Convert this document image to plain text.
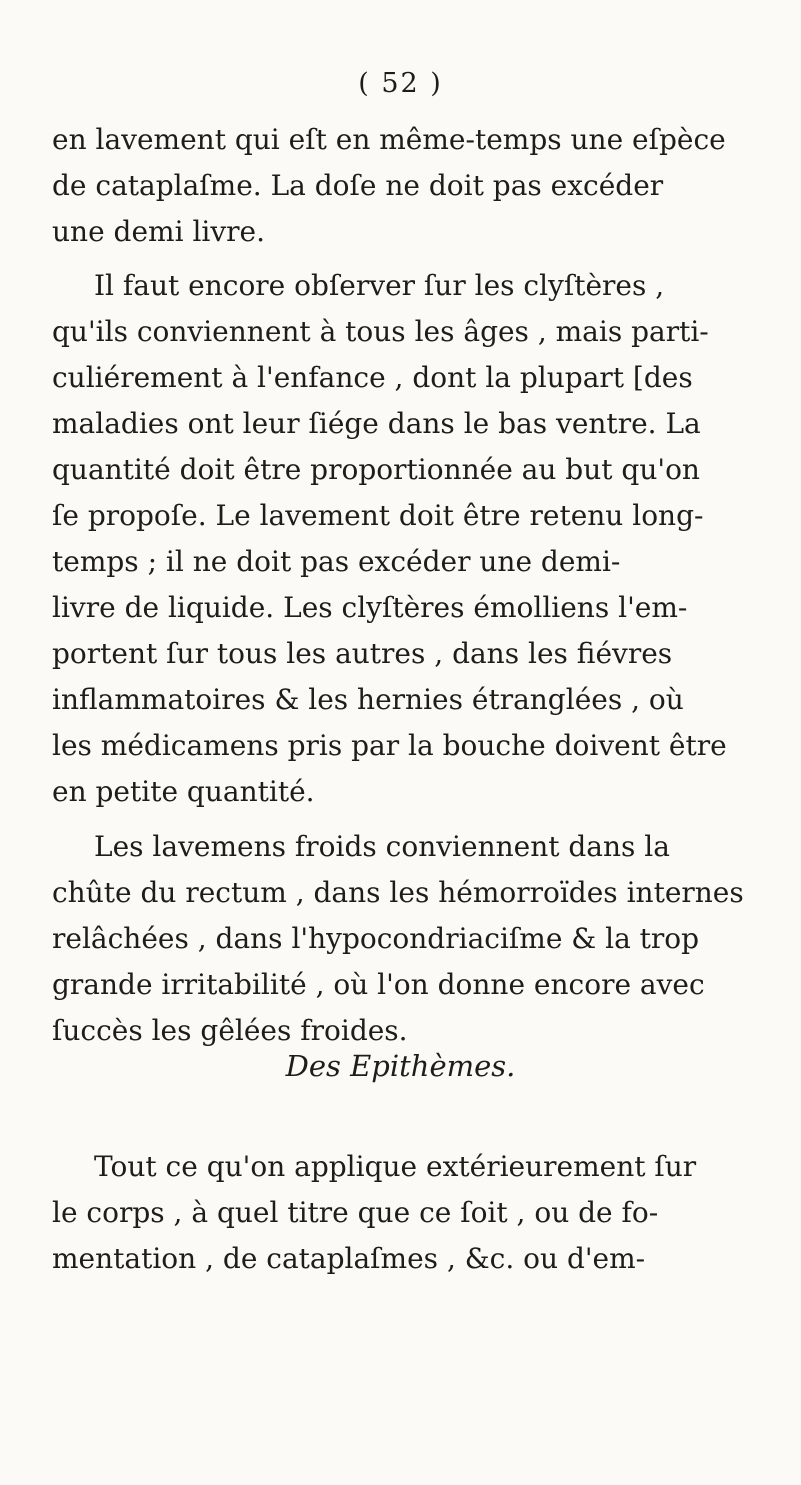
( 52 )
en lavement qui eſt en même-temps une eſpèce
de cataplaſme. La doſe ne doit pas excéder
une demi livre.
Il faut encore obſerver ſur les clyſtères ,
qu'ils conviennent à tous les âges , mais parti-
culiérement à l'enfance , dont la plupart [des
maladies ont leur ſiége dans le bas ventre. La
quantité doit être proportionnée au but qu'on
ſe propoſe. Le lavement doit être retenu long-
temps ; il ne doit pas excéder une demi-
livre de liquide. Les clyſtères émolliens l'em-
portent ſur tous les autres , dans les fiévres
inflammatoires & les hernies étranglées , où
les médicamens pris par la bouche doivent être
en petite quantité.
Les lavemens froids conviennent dans la
chûte du rectum , dans les hémorroïdes internes
relâchées , dans l'hypocondriaciſme & la trop
grande irritabilité , où l'on donne encore avec
ſuccès les gêlées froides.
Des Epithèmes.
Tout ce qu'on applique extérieurement ſur
le corps , à quel titre que ce ſoit , ou de fo-
mentation , de cataplaſmes , &c. ou d'em-
